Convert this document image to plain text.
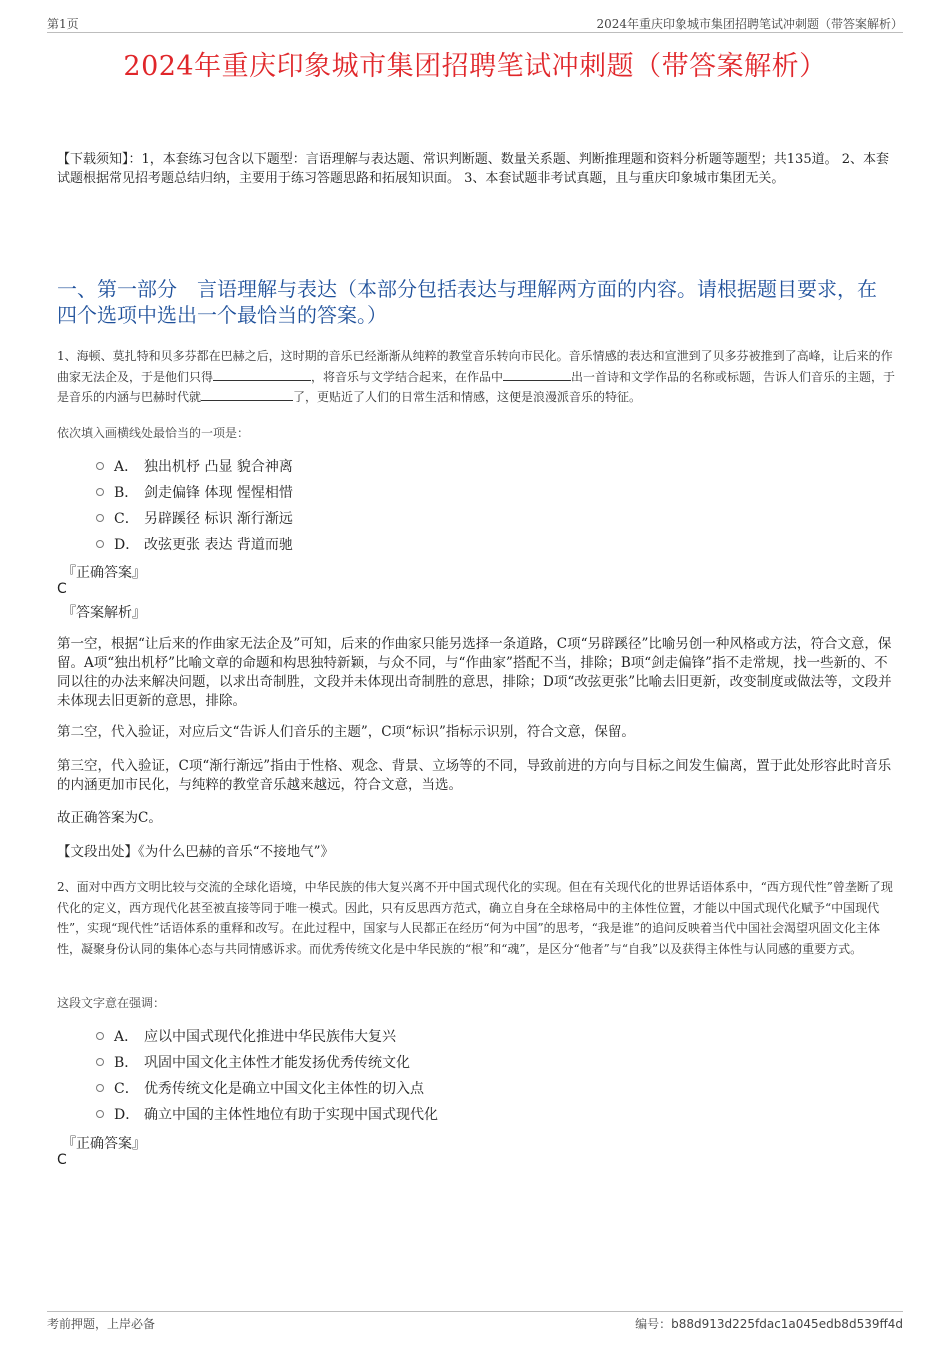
第1页	2024年重庆印象城市集团招聘笔试冲刺题（带答案解析）
2024年重庆印象城市集团招聘笔试冲刺题（带答案解析）
【下载须知】：1，本套练习包含以下题型：言语理解与表达题、常识判断题、数量关系题、判断推理题和资料分析题等题型；共135道。 2、本套试题根据常见招考题总结归纳，主要用于练习答题思路和拓展知识面。 3、本套试题非考试真题，且与重庆印象城市集团无关。
一、第一部分　言语理解与表达（本部分包括表达与理解两方面的内容。请根据题目要求，在四个选项中选出一个最恰当的答案。）
1、海顿、莫扎特和贝多芬都在巴赫之后，这时期的音乐已经渐渐从纯粹的教堂音乐转向市民化。音乐情感的表达和宣泄到了贝多芬被推到了高峰，让后来的作曲家无法企及，于是他们只得	，将音乐与文学结合起来，在作品中	出一首诗和文学作品的名称或标题，告诉人们音乐的主题，于是音乐的内涵与巴赫时代就	了，更贴近了人们的日常生活和情感，这便是浪漫派音乐的特征。
依次填入画横线处最恰当的一项是：
A． 独出机杼 凸显 貌合神离
B． 剑走偏锋 体现 惺惺相惜
C． 另辟蹊径 标识 渐行渐远
D． 改弦更张 表达 背道而驰
『正确答案』
C
『答案解析』
第一空，根据“让后来的作曲家无法企及”可知，后来的作曲家只能另选择一条道路，C项“另辟蹊径”比喻另创一种风格或方法，符合文意，保留。A项“独出机杼”比喻文章的命题和构思独特新颖，与众不同，与“作曲家”搭配不当，排除；B项“剑走偏锋”指不走常规，找一些新的、不同以往的办法来解决问题，以求出奇制胜，文段并未体现出奇制胜的意思，排除；D项“改弦更张”比喻去旧更新，改变制度或做法等，文段并未体现去旧更新的意思，排除。
第二空，代入验证，对应后文“告诉人们音乐的主题”，C项“标识”指标示识别，符合文意，保留。
第三空，代入验证，C项“渐行渐远”指由于性格、观念、背景、立场等的不同，导致前进的方向与目标之间发生偏离，置于此处形容此时音乐的内涵更加市民化，与纯粹的教堂音乐越来越远，符合文意，当选。
故正确答案为C。
【文段出处】《为什么巴赫的音乐“不接地气”》
2、面对中西方文明比较与交流的全球化语境，中华民族的伟大复兴离不开中国式现代化的实现。但在有关现代化的世界话语体系中，“西方现代性”曾垄断了现代化的定义，西方现代化甚至被直接等同于唯一模式。因此，只有反思西方范式，确立自身在全球格局中的主体性位置，才能以中国式现代化赋予“中国现代性”，实现“现代性”话语体系的重释和改写。在此过程中，国家与人民都正在经历“何为中国”的思考，“我是谁”的追问反映着当代中国社会渴望巩固文化主体性，凝聚身份认同的集体心态与共同情感诉求。而优秀传统文化是中华民族的“根”和“魂”，是区分“他者”与“自我”以及获得主体性与认同感的重要方式。
这段文字意在强调：
A． 应以中国式现代化推进中华民族伟大复兴
B． 巩固中国文化主体性才能发扬优秀传统文化
C． 优秀传统文化是确立中国文化主体性的切入点
D． 确立中国的主体性地位有助于实现中国式现代化
『正确答案』
C
考前押题，上岸必备	编号：b88d913d225fdac1a045edb8d539ff4d
